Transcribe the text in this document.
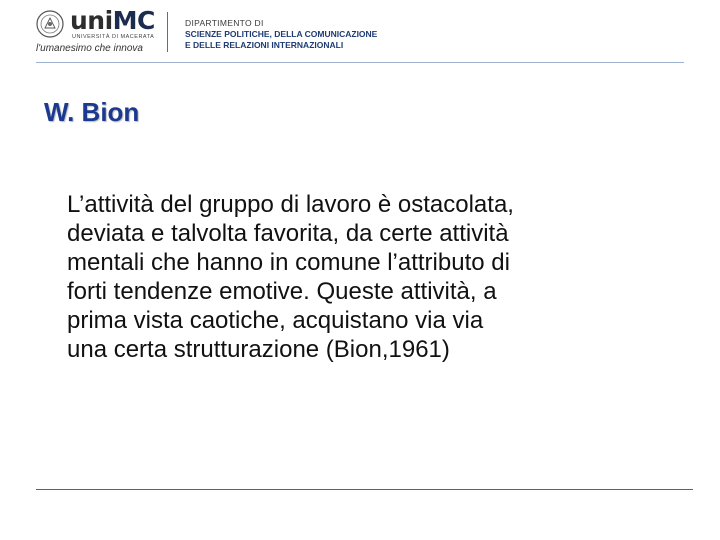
uniMC
UNIVERSITÀ DI MACERATA
l'umanesimo che innova
DIPARTIMENTO DI
SCIENZE POLITICHE, DELLA COMUNICAZIONE
E DELLE RELAZIONI INTERNAZIONALI
W. Bion
L’attività del gruppo di lavoro è ostacolata,
deviata e talvolta favorita, da certe attività
mentali che hanno in comune l’attributo di
forti tendenze emotive. Queste attività, a
prima vista caotiche, acquistano via via
una certa strutturazione (Bion,1961)
